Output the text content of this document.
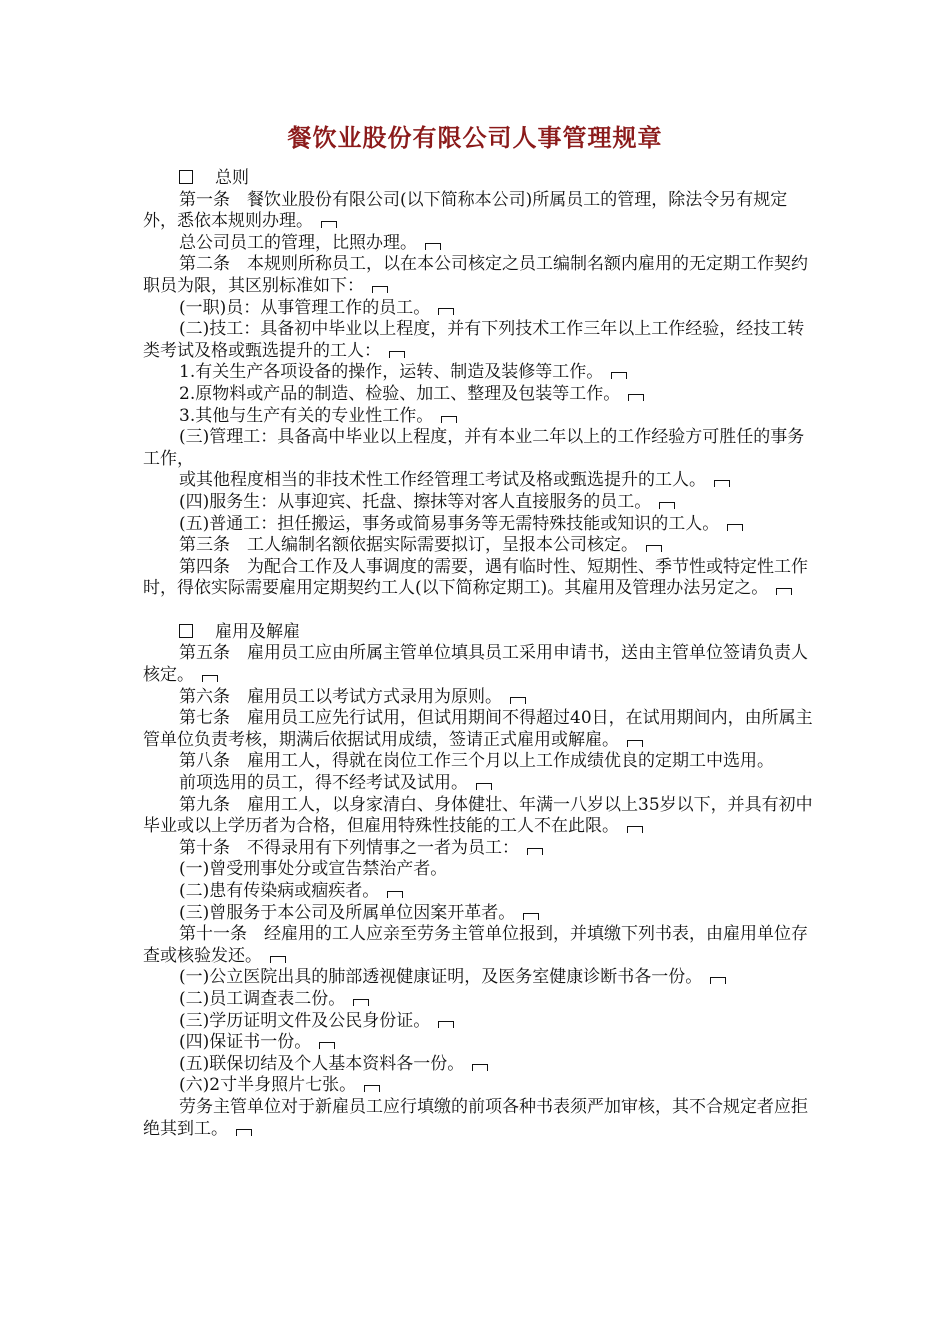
餐饮业股份有限公司人事管理规章

总则

第一条　餐饮业股份有限公司(以下简称本公司)所属员工的管理，除法令另有规定外，悉依本规则办理。

总公司员工的管理，比照办理。

第二条　本规则所称员工，以在本公司核定之员工编制名额内雇用的无定期工作契约职员为限，其区别标准如下：

(一职)员：从事管理工作的员工。

(二)技工：具备初中毕业以上程度，并有下列技术工作三年以上工作经验，经技工转类考试及格或甄选提升的工人：

1.有关生产各项设备的操作，运转、制造及装修等工作。

2.原物料或产品的制造、检验、加工、整理及包装等工作。

3.其他与生产有关的专业性工作。

(三)管理工：具备高中毕业以上程度，并有本业二年以上的工作经验方可胜任的事务工作，

或其他程度相当的非技术性工作经管理工考试及格或甄选提升的工人。

(四)服务生：从事迎宾、托盘、擦抹等对客人直接服务的员工。

(五)普通工：担任搬运，事务或简易事务等无需特殊技能或知识的工人。

第三条　工人编制名额依据实际需要拟订，呈报本公司核定。

第四条　为配合工作及人事调度的需要，遇有临时性、短期性、季节性或特定性工作时，得依实际需要雇用定期契约工人(以下简称定期工)。其雇用及管理办法另定之。

雇用及解雇

第五条　雇用员工应由所属主管单位填具员工采用申请书，送由主管单位签请负责人核定。

第六条　雇用员工以考试方式录用为原则。

第七条　雇用员工应先行试用，但试用期间不得超过40日，在试用期间内，由所属主管单位负责考核，期满后依据试用成绩，签请正式雇用或解雇。

第八条　雇用工人，得就在岗位工作三个月以上工作成绩优良的定期工中选用。

前项选用的员工，得不经考试及试用。

第九条　雇用工人，以身家清白、身体健壮、年满一八岁以上35岁以下，并具有初中毕业或以上学历者为合格，但雇用特殊性技能的工人不在此限。

第十条　不得录用有下列情事之一者为员工：

(一)曾受刑事处分或宣告禁治产者。

(二)患有传染病或痼疾者。

(三)曾服务于本公司及所属单位因案开革者。

第十一条　经雇用的工人应亲至劳务主管单位报到，并填缴下列书表，由雇用单位存查或核验发还。

(一)公立医院出具的肺部透视健康证明，及医务室健康诊断书各一份。

(二)员工调查表二份。

(三)学历证明文件及公民身份证。

(四)保证书一份。

(五)联保切结及个人基本资料各一份。

(六)2寸半身照片七张。

劳务主管单位对于新雇员工应行填缴的前项各种书表须严加审核，其不合规定者应拒绝其到工。
